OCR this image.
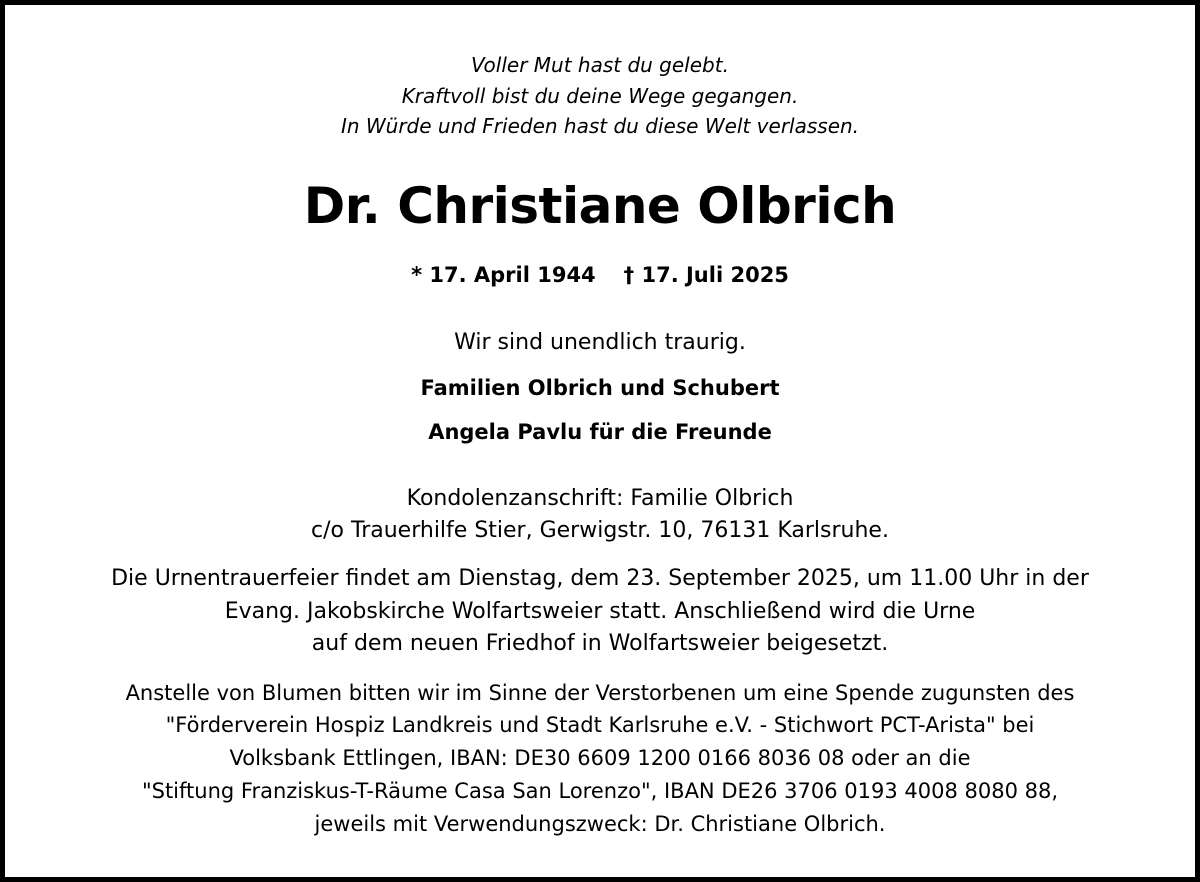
Voller Mut hast du gelebt.
Kraftvoll bist du deine Wege gegangen.
In Würde und Frieden hast du diese Welt verlassen.
Dr. Christiane Olbrich
* 17. April 1944 † 17. Juli 2025
Wir sind unendlich traurig.
Familien Olbrich und Schubert
Angela Pavlu für die Freunde
Kondolenzanschrift: Familie Olbrich
c/o Trauerhilfe Stier, Gerwigstr. 10, 76131 Karlsruhe.
Die Urnentrauerfeier findet am Dienstag, dem 23. September 2025, um 11.00 Uhr in der
Evang. Jakobskirche Wolfartsweier statt. Anschließend wird die Urne
auf dem neuen Friedhof in Wolfartsweier beigesetzt.
Anstelle von Blumen bitten wir im Sinne der Verstorbenen um eine Spende zugunsten des
"Förderverein Hospiz Landkreis und Stadt Karlsruhe e.V. - Stichwort PCT-Arista" bei
Volksbank Ettlingen, IBAN: DE30 6609 1200 0166 8036 08 oder an die
"Stiftung Franziskus-T-Räume Casa San Lorenzo", IBAN DE26 3706 0193 4008 8080 88,
jeweils mit Verwendungszweck: Dr. Christiane Olbrich.
